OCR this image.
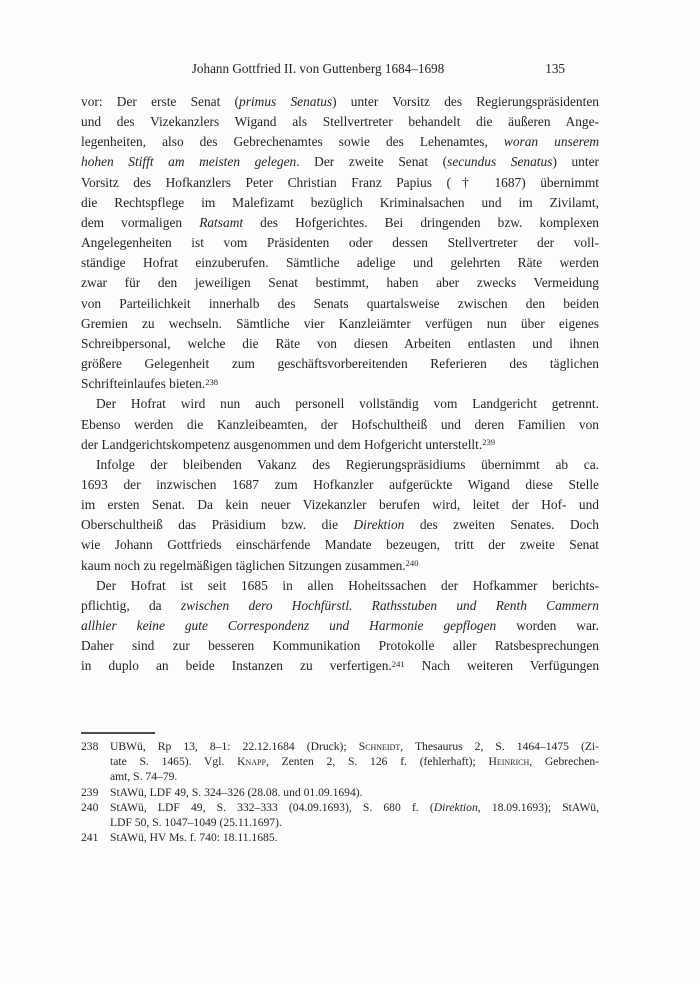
Johann Gottfried II. von Guttenberg 1684–1698	135
vor: Der erste Senat (primus Senatus) unter Vorsitz des Regierungspräsidenten
und des Vizekanzlers Wigand als Stellvertreter behandelt die äußeren Ange-
legenheiten, also des Gebrechenamtes sowie des Lehenamtes, woran unserem
hohen Stifft am meisten gelegen. Der zweite Senat (secundus Senatus) unter
Vorsitz des Hofkanzlers Peter Christian Franz Papius († 1687) übernimmt
die Rechtspflege im Malefizamt bezüglich Kriminalsachen und im Zivilamt,
dem vormaligen Ratsamt des Hofgerichtes. Bei dringenden bzw. komplexen
Angelegenheiten ist vom Präsidenten oder dessen Stellvertreter der voll-
ständige Hofrat einzuberufen. Sämtliche adelige und gelehrten Räte werden
zwar für den jeweiligen Senat bestimmt, haben aber zwecks Vermeidung
von Parteilichkeit innerhalb des Senats quartalsweise zwischen den beiden
Gremien zu wechseln. Sämtliche vier Kanzleiämter verfügen nun über eigenes
Schreibpersonal, welche die Räte von diesen Arbeiten entlasten und ihnen
größere Gelegenheit zum geschäftsvorbereitenden Referieren des täglichen
Schrifteinlaufes bieten.$^{238}$
Der Hofrat wird nun auch personell vollständig vom Landgericht getrennt.
Ebenso werden die Kanzleibeamten, der Hofschultheiß und deren Familien von
der Landgerichtskompetenz ausgenommen und dem Hofgericht unterstellt.$^{239}$
Infolge der bleibenden Vakanz des Regierungspräsidiums übernimmt ab ca.
1693 der inzwischen 1687 zum Hofkanzler aufgerückte Wigand diese Stelle
im ersten Senat. Da kein neuer Vizekanzler berufen wird, leitet der Hof- und
Oberschultheiß das Präsidium bzw. die Direktion des zweiten Senates. Doch
wie Johann Gottfrieds einschärfende Mandate bezeugen, tritt der zweite Senat
kaum noch zu regelmäßigen täglichen Sitzungen zusammen.$^{240}$
Der Hofrat ist seit 1685 in allen Hoheitssachen der Hofkammer berichts-
pflichtig, da zwischen dero Hochfürstl. Rathsstuben und Renth Cammern
allhier keine gute Correspondenz und Harmonie gepflogen worden war.
Daher sind zur besseren Kommunikation Protokolle aller Ratsbesprechungen
in duplo an beide Instanzen zu verfertigen.$^{241}$ Nach weiteren Verfügungen
238 UBWü, Rp 13, 8–1: 22.12.1684 (Druck); Schneidt, Thesaurus 2, S. 1464–1475 (Zi-
tate S. 1465). Vgl. Knapp, Zenten 2, S. 126 f. (fehlerhaft); Heinrich, Gebrechen-
amt, S. 74–79.
239 StAWü, LDF 49, S. 324–326 (28.08. und 01.09.1694).
240 StAWü, LDF 49, S. 332–333 (04.09.1693), S. 680 f. (Direktion, 18.09.1693); StAWü,
LDF 50, S. 1047–1049 (25.11.1697).
241 StAWü, HV Ms. f. 740: 18.11.1685.
